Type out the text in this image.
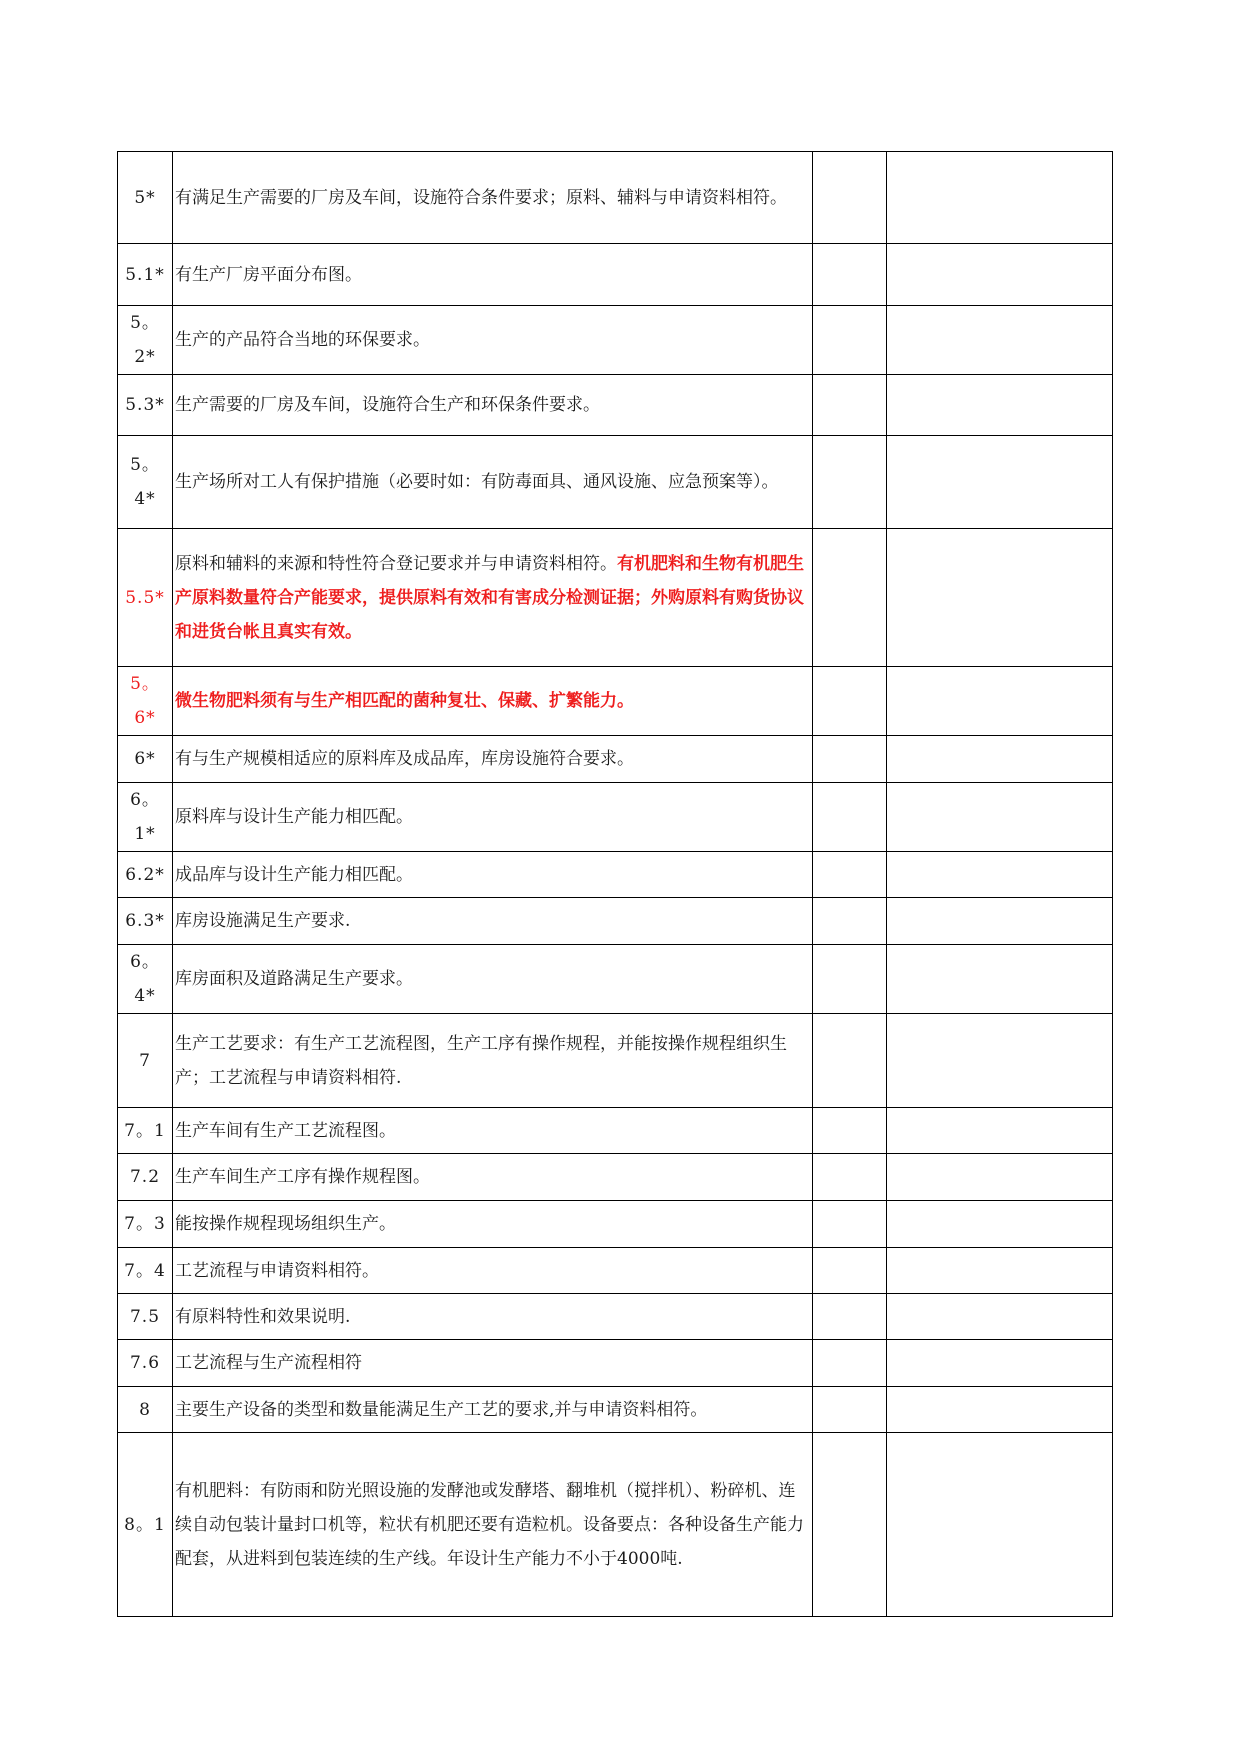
5*	有满足生产需要的厂房及车间，设施符合条件要求；原料、辅料与申请资料相符。		
5.1*	有生产厂房平面分布图。		
5。2*	生产的产品符合当地的环保要求。		
5.3*	生产需要的厂房及车间，设施符合生产和环保条件要求。		
5。4*	生产场所对工人有保护措施（必要时如：有防毒面具、通风设施、应急预案等）。		
5.5*	原料和辅料的来源和特性符合登记要求并与申请资料相符。有机肥料和生物有机肥生产原料数量符合产能要求，提供原料有效和有害成分检测证据；外购原料有购货协议和进货台帐且真实有效。		
5。6*	微生物肥料须有与生产相匹配的菌种复壮、保藏、扩繁能力。		
6*	有与生产规模相适应的原料库及成品库，库房设施符合要求。		
6。1*	原料库与设计生产能力相匹配。		
6.2*	成品库与设计生产能力相匹配。		
6.3*	库房设施满足生产要求.		
6。4*	库房面积及道路满足生产要求。		
7	生产工艺要求：有生产工艺流程图，生产工序有操作规程，并能按操作规程组织生产；工艺流程与申请资料相符.		
7。1	生产车间有生产工艺流程图。		
7.2	生产车间生产工序有操作规程图。		
7。3	能按操作规程现场组织生产。		
7。4	工艺流程与申请资料相符。		
7.5	有原料特性和效果说明.		
7.6	工艺流程与生产流程相符		
8	主要生产设备的类型和数量能满足生产工艺的要求,并与申请资料相符。		
8。1	有机肥料：有防雨和防光照设施的发酵池或发酵塔、翻堆机（搅拌机）、粉碎机、连续自动包装计量封口机等，粒状有机肥还要有造粒机。设备要点：各种设备生产能力配套，从进料到包装连续的生产线。年设计生产能力不小于4000吨.		
